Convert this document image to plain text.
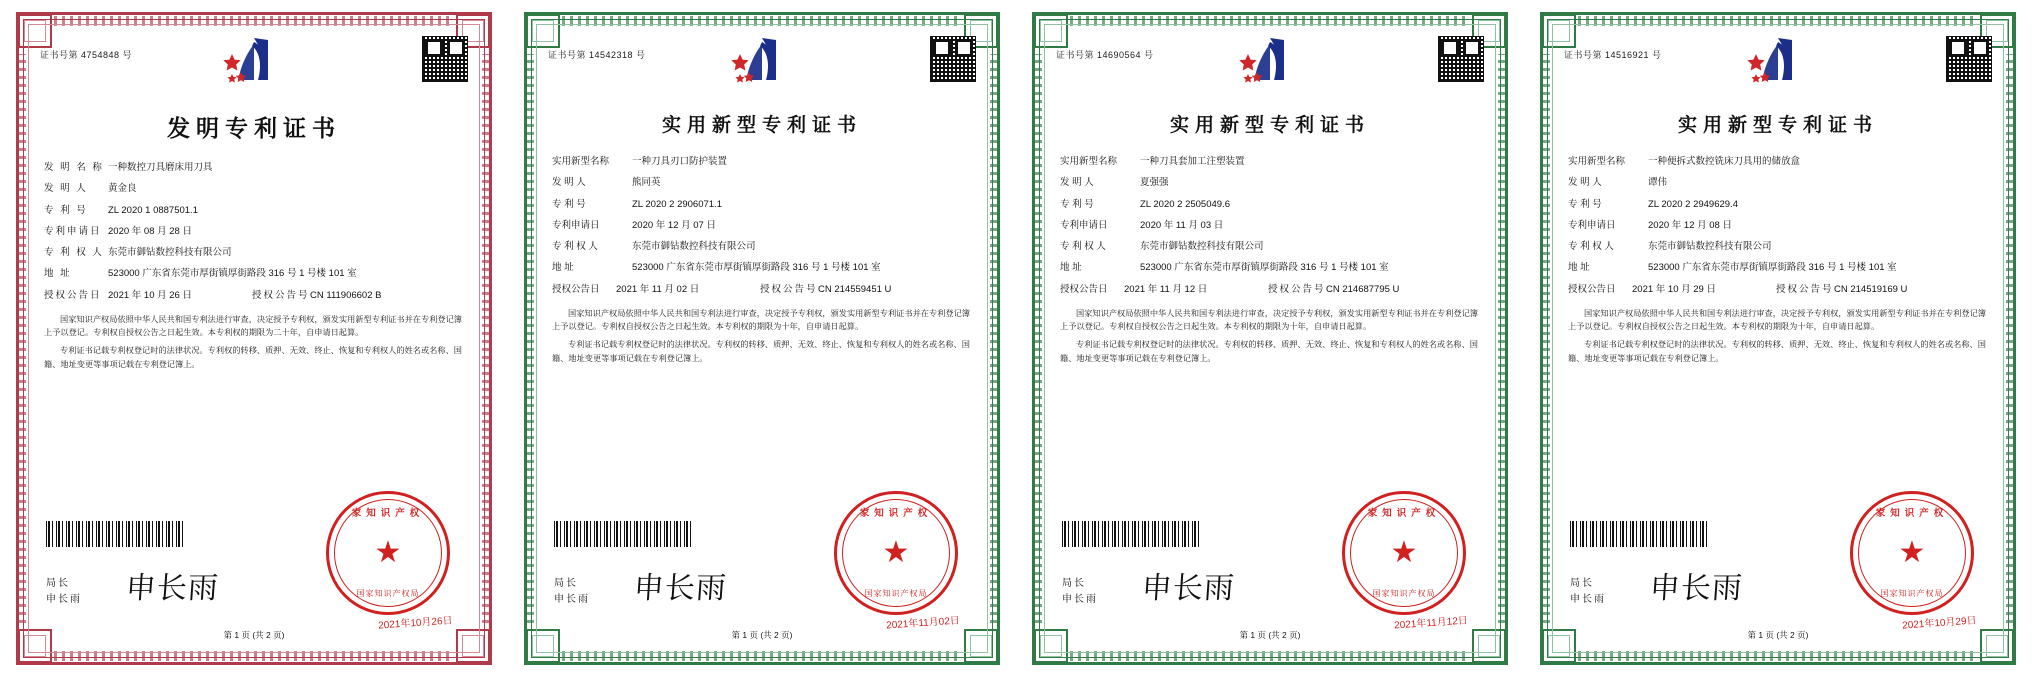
证书号第 4754848 号
发明专利证书
发 明 名 称 一种数控刀具磨床用刀具
发 明 人	黄金良
专 利 号	ZL 2020 1 0887501.1
专利申请日 2020 年 08 月 28 日
专 利 权 人 东莞市御钻数控科技有限公司
地 址	523000 广东省东莞市厚街镇厚街路段 316 号 1 号楼 101 室
授权公告日 2021 年 10 月 26 日	授权公告号 CN 111906602 B
国家知识产权局依照中华人民共和国专利法进行审查，决定授予专利权，颁发实用新型专利证书并在专利登记簿上予以登记。专利权自授权公告之日起生效。本专利权的期限为二十年，自申请日起算。
专利证书记载专利权登记时的法律状况。专利权的转移、质押、无效、终止、恢复和专利权人的姓名或名称、国籍、地址变更等事项记载在专利登记簿上。
局长
申长雨 申长雨
家知识产权
★
国家知识产权局
2021年10月26日
第 1 页 (共 2 页)
证书号第 14542318 号
实用新型专利证书
实用新型名称	一种刀具刃口防护装置
发 明 人	熊同英
专 利 号	ZL 2020 2 2906071.1
专利申请日	2020 年 12 月 07 日
专 利 权 人	东莞市御钻数控科技有限公司
地 址	523000 广东省东莞市厚街镇厚街路段 316 号 1 号楼 101 室
授权公告日	2021 年 11 月 02 日	授权公告号 CN 214559451 U
国家知识产权局依照中华人民共和国专利法进行审查，决定授予专利权，颁发实用新型专利证书并在专利登记簿上予以登记。专利权自授权公告之日起生效。本专利权的期限为十年，自申请日起算。
专利证书记载专利权登记时的法律状况。专利权的转移、质押、无效、终止、恢复和专利权人的姓名或名称、国籍、地址变更等事项记载在专利登记簿上。
局长
申长雨 申长雨
家知识产权
★
国家知识产权局
2021年11月02日
第 1 页 (共 2 页)
证书号第 14690564 号
实用新型专利证书
实用新型名称	一种刀具套加工注塑装置
发 明 人	夏强强
专 利 号	ZL 2020 2 2505049.6
专利申请日	2020 年 11 月 03 日
专 利 权 人	东莞市御钻数控科技有限公司
地 址	523000 广东省东莞市厚街镇厚街路段 316 号 1 号楼 101 室
授权公告日	2021 年 11 月 12 日	授权公告号 CN 214687795 U
国家知识产权局依照中华人民共和国专利法进行审查，决定授予专利权，颁发实用新型专利证书并在专利登记簿上予以登记。专利权自授权公告之日起生效。本专利权的期限为十年，自申请日起算。
专利证书记载专利权登记时的法律状况。专利权的转移、质押、无效、终止、恢复和专利权人的姓名或名称、国籍、地址变更等事项记载在专利登记簿上。
局长
申长雨 申长雨
家知识产权
★
国家知识产权局
2021年11月12日
第 1 页 (共 2 页)
证书号第 14516921 号
实用新型专利证书
实用新型名称	一种便拆式数控铣床刀具用的储放盒
发 明 人	谭伟
专 利 号	ZL 2020 2 2949629.4
专利申请日	2020 年 12 月 08 日
专 利 权 人	东莞市御钻数控科技有限公司
地 址	523000 广东省东莞市厚街镇厚街路段 316 号 1 号楼 101 室
授权公告日	2021 年 10 月 29 日	授权公告号 CN 214519169 U
国家知识产权局依照中华人民共和国专利法进行审查，决定授予专利权，颁发实用新型专利证书并在专利登记簿上予以登记。专利权自授权公告之日起生效。本专利权的期限为十年，自申请日起算。
专利证书记载专利权登记时的法律状况。专利权的转移、质押、无效、终止、恢复和专利权人的姓名或名称、国籍、地址变更等事项记载在专利登记簿上。
局长
申长雨 申长雨
家知识产权
★
国家知识产权局
2021年10月29日
第 1 页 (共 2 页)
